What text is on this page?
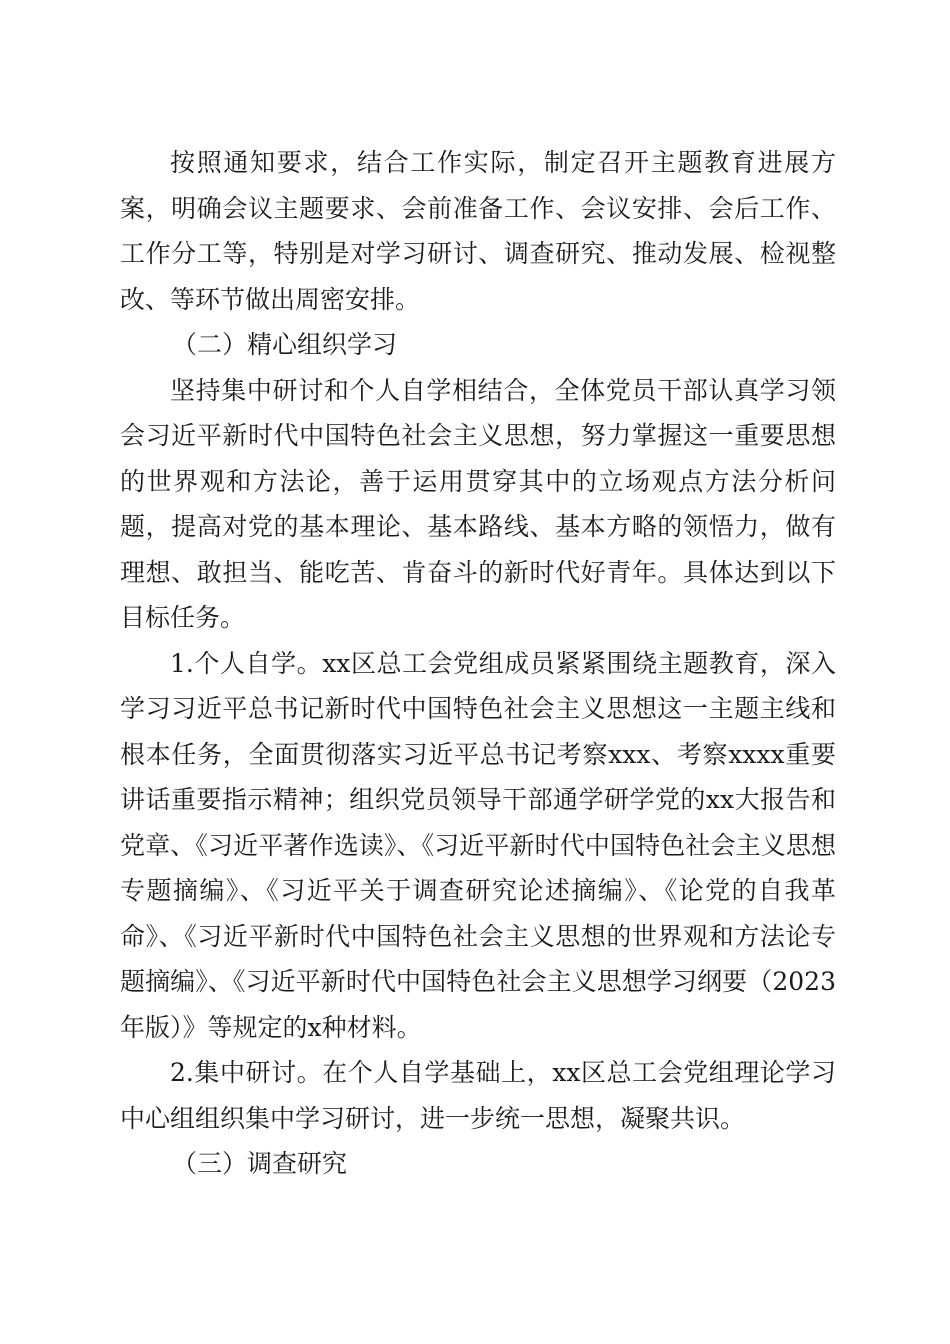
按照通知要求，结合工作实际，制定召开主题教育进展方案，明确会议主题要求、会前准备工作、会议安排、会后工作、工作分工等，特别是对学习研讨、调查研究、推动发展、检视整改、等环节做出周密安排。

（二）精心组织学习

坚持集中研讨和个人自学相结合，全体党员干部认真学习领会习近平新时代中国特色社会主义思想，努力掌握这一重要思想的世界观和方法论，善于运用贯穿其中的立场观点方法分析问题，提高对党的基本理论、基本路线、基本方略的领悟力，做有理想、敢担当、能吃苦、肯奋斗的新时代好青年。具体达到以下目标任务。

1.个人自学。xx区总工会党组成员紧紧围绕主题教育，深入学习习近平总书记新时代中国特色社会主义思想这一主题主线和根本任务，全面贯彻落实习近平总书记考察xxx、考察xxxx重要讲话重要指示精神；组织党员领导干部通学研学党的xx大报告和党章、《习近平著作选读》、《习近平新时代中国特色社会主义思想专题摘编》、《习近平关于调查研究论述摘编》、《论党的自我革命》、《习近平新时代中国特色社会主义思想的世界观和方法论专题摘编》、《习近平新时代中国特色社会主义思想学习纲要（2023年版）》等规定的x种材料。

2.集中研讨。在个人自学基础上，xx区总工会党组理论学习中心组组织集中学习研讨，进一步统一思想，凝聚共识。

（三）调查研究
